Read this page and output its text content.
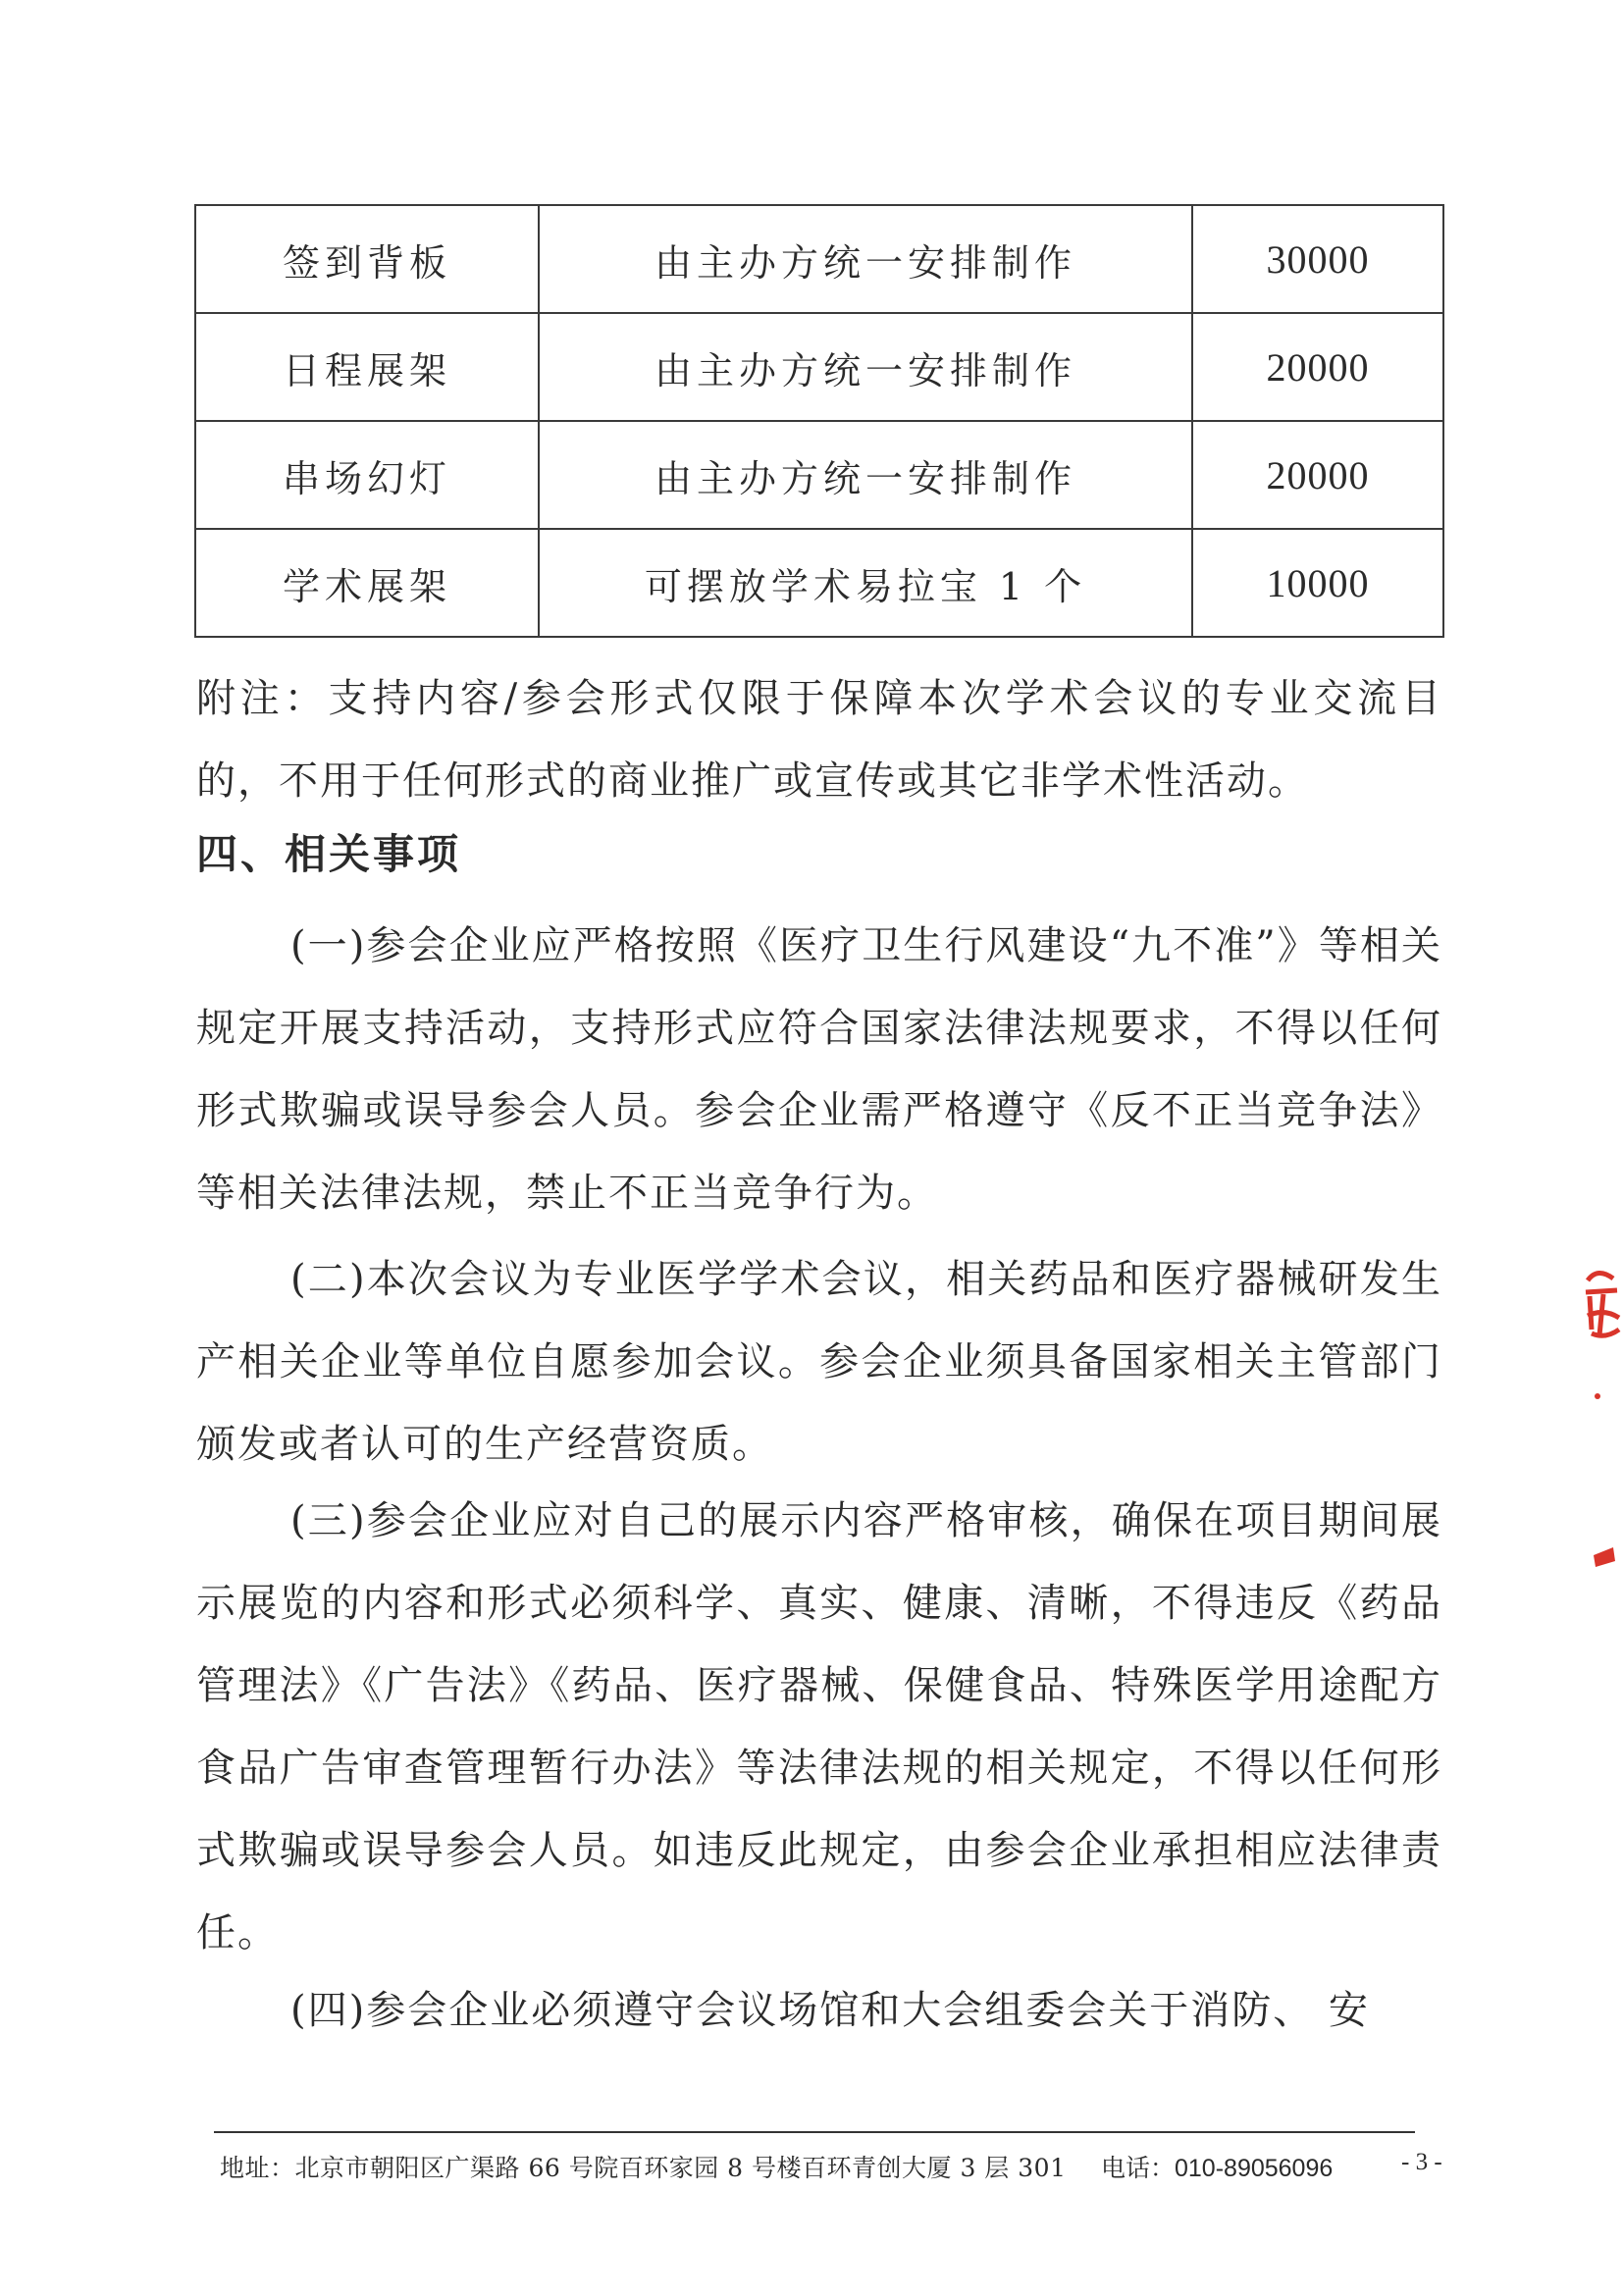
签到背板	由主办方统一安排制作	30000
日程展架	由主办方统一安排制作	20000
串场幻灯	由主办方统一安排制作	20000
学术展架	可摆放学术易拉宝 1 个	10000
附注：支持内容/参会形式仅限于保障本次学术会议的专业交流目的，不用于任何形式的商业推广或宣传或其它非学术性活动。
四、相关事项
(一)参会企业应严格按照《医疗卫生行风建设“九不准”》等相关规定开展支持活动，支持形式应符合国家法律法规要求，不得以任何形式欺骗或误导参会人员。参会企业需严格遵守《反不正当竞争法》等相关法律法规，禁止不正当竞争行为。
(二)本次会议为专业医学学术会议，相关药品和医疗器械研发生产相关企业等单位自愿参加会议。参会企业须具备国家相关主管部门颁发或者认可的生产经营资质。
(三)参会企业应对自己的展示内容严格审核，确保在项目期间展示展览的内容和形式必须科学、真实、健康、清晰，不得违反《药品管理法》《广告法》《药品、医疗器械、保健食品、特殊医学用途配方食品广告审查管理暂行办法》等法律法规的相关规定，不得以任何形式欺骗或误导参会人员。如违反此规定，由参会企业承担相应法律责任。
(四)参会企业必须遵守会议场馆和大会组委会关于消防、 安
地址：北京市朝阳区广渠路 66 号院百环家园 8 号楼百环青创大厦 3 层 301 电话：010-89056096	- 3 -
